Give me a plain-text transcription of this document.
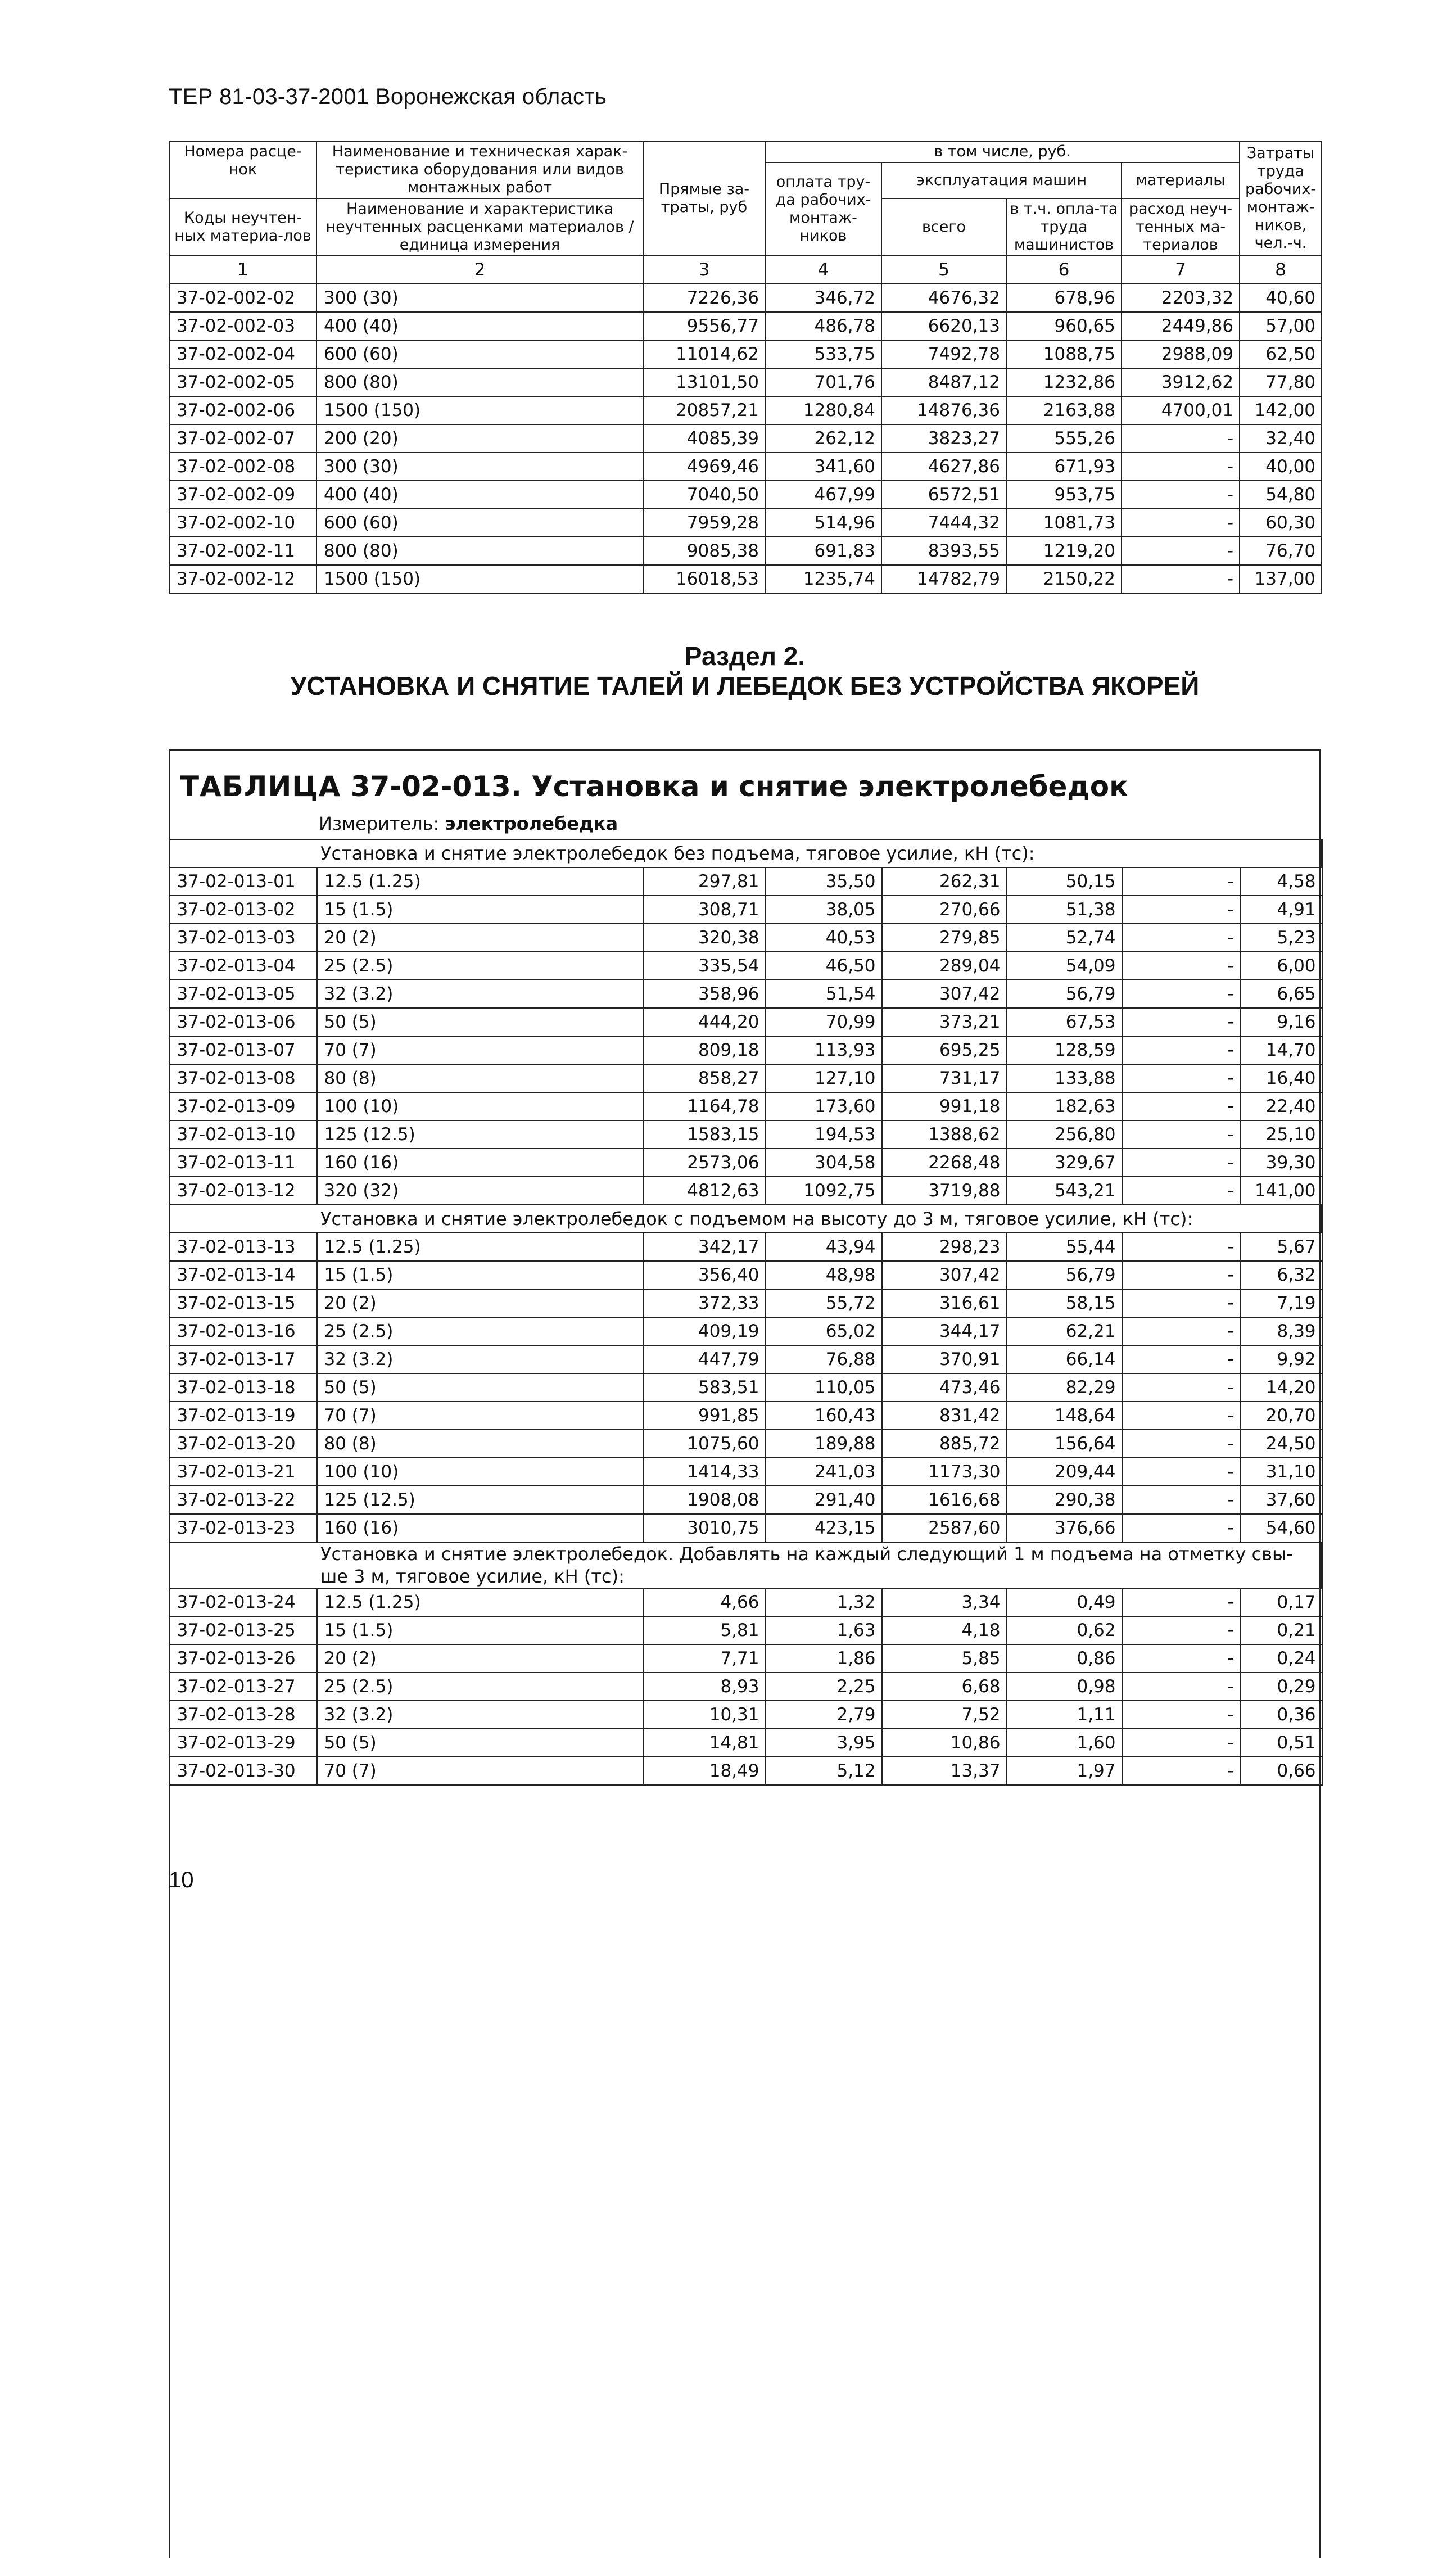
ТЕР 81-03-37-2001 Воронежская область
Номера расце-нок	Наименование и техническая харак-теристика оборудования или видов монтажных работ	Прямые за-траты, руб	в том числе, руб.				Затраты труда рабочих-монтаж-ников, чел.-ч.
			оплата тру-да рабочих-монтаж-ников	эксплуатация машин		материалы	

Коды неучтен-ных материа-лов	Наименование и характеристика неучтенных расценками материалов / единица измерения			всего	в т.ч. опла-та труда машинистов	расход неуч-тенных ма-териалов	

1	2	3	4	5	6	7	8
37-02-002-02	300 (30)	7226,36	346,72	4676,32	678,96	2203,32	40,60
37-02-002-03	400 (40)	9556,77	486,78	6620,13	960,65	2449,86	57,00
37-02-002-04	600 (60)	11014,62	533,75	7492,78	1088,75	2988,09	62,50
37-02-002-05	800 (80)	13101,50	701,76	8487,12	1232,86	3912,62	77,80
37-02-002-06	1500 (150)	20857,21	1280,84	14876,36	2163,88	4700,01	142,00
37-02-002-07	200 (20)	4085,39	262,12	3823,27	555,26	-	32,40
37-02-002-08	300 (30)	4969,46	341,60	4627,86	671,93	-	40,00
37-02-002-09	400 (40)	7040,50	467,99	6572,51	953,75	-	54,80
37-02-002-10	600 (60)	7959,28	514,96	7444,32	1081,73	-	60,30
37-02-002-11	800 (80)	9085,38	691,83	8393,55	1219,20	-	76,70
37-02-002-12	1500 (150)	16018,53	1235,74	14782,79	2150,22	-	137,00
Раздел 2.
УСТАНОВКА И СНЯТИЕ ТАЛЕЙ И ЛЕБЕДОК БЕЗ УСТРОЙСТВА ЯКОРЕЙ
ТАБЛИЦА 37-02-013. Установка и снятие электролебедок
Измеритель: электролебедка
Установка и снятие электролебедок без подъема, тяговое усилие, кН (тс):							
37-02-013-01	12.5 (1.25)	297,81	35,50	262,31	50,15	-	4,58
37-02-013-02	15 (1.5)	308,71	38,05	270,66	51,38	-	4,91
37-02-013-03	20 (2)	320,38	40,53	279,85	52,74	-	5,23
37-02-013-04	25 (2.5)	335,54	46,50	289,04	54,09	-	6,00
37-02-013-05	32 (3.2)	358,96	51,54	307,42	56,79	-	6,65
37-02-013-06	50 (5)	444,20	70,99	373,21	67,53	-	9,16
37-02-013-07	70 (7)	809,18	113,93	695,25	128,59	-	14,70
37-02-013-08	80 (8)	858,27	127,10	731,17	133,88	-	16,40
37-02-013-09	100 (10)	1164,78	173,60	991,18	182,63	-	22,40
37-02-013-10	125 (12.5)	1583,15	194,53	1388,62	256,80	-	25,10
37-02-013-11	160 (16)	2573,06	304,58	2268,48	329,67	-	39,30
37-02-013-12	320 (32)	4812,63	1092,75	3719,88	543,21	-	141,00
Установка и снятие электролебедок с подъемом на высоту до 3 м, тяговое усилие, кН (тс):							
37-02-013-13	12.5 (1.25)	342,17	43,94	298,23	55,44	-	5,67
37-02-013-14	15 (1.5)	356,40	48,98	307,42	56,79	-	6,32
37-02-013-15	20 (2)	372,33	55,72	316,61	58,15	-	7,19
37-02-013-16	25 (2.5)	409,19	65,02	344,17	62,21	-	8,39
37-02-013-17	32 (3.2)	447,79	76,88	370,91	66,14	-	9,92
37-02-013-18	50 (5)	583,51	110,05	473,46	82,29	-	14,20
37-02-013-19	70 (7)	991,85	160,43	831,42	148,64	-	20,70
37-02-013-20	80 (8)	1075,60	189,88	885,72	156,64	-	24,50
37-02-013-21	100 (10)	1414,33	241,03	1173,30	209,44	-	31,10
37-02-013-22	125 (12.5)	1908,08	291,40	1616,68	290,38	-	37,60
37-02-013-23	160 (16)	3010,75	423,15	2587,60	376,66	-	54,60
Установка и снятие электролебедок. Добавлять на каждый следующий 1 м подъема на отметку свы-ше 3 м, тяговое усилие, кН (тс):							
37-02-013-24	12.5 (1.25)	4,66	1,32	3,34	0,49	-	0,17
37-02-013-25	15 (1.5)	5,81	1,63	4,18	0,62	-	0,21
37-02-013-26	20 (2)	7,71	1,86	5,85	0,86	-	0,24
37-02-013-27	25 (2.5)	8,93	2,25	6,68	0,98	-	0,29
37-02-013-28	32 (3.2)	10,31	2,79	7,52	1,11	-	0,36
37-02-013-29	50 (5)	14,81	3,95	10,86	1,60	-	0,51
37-02-013-30	70 (7)	18,49	5,12	13,37	1,97	-	0,66
10
